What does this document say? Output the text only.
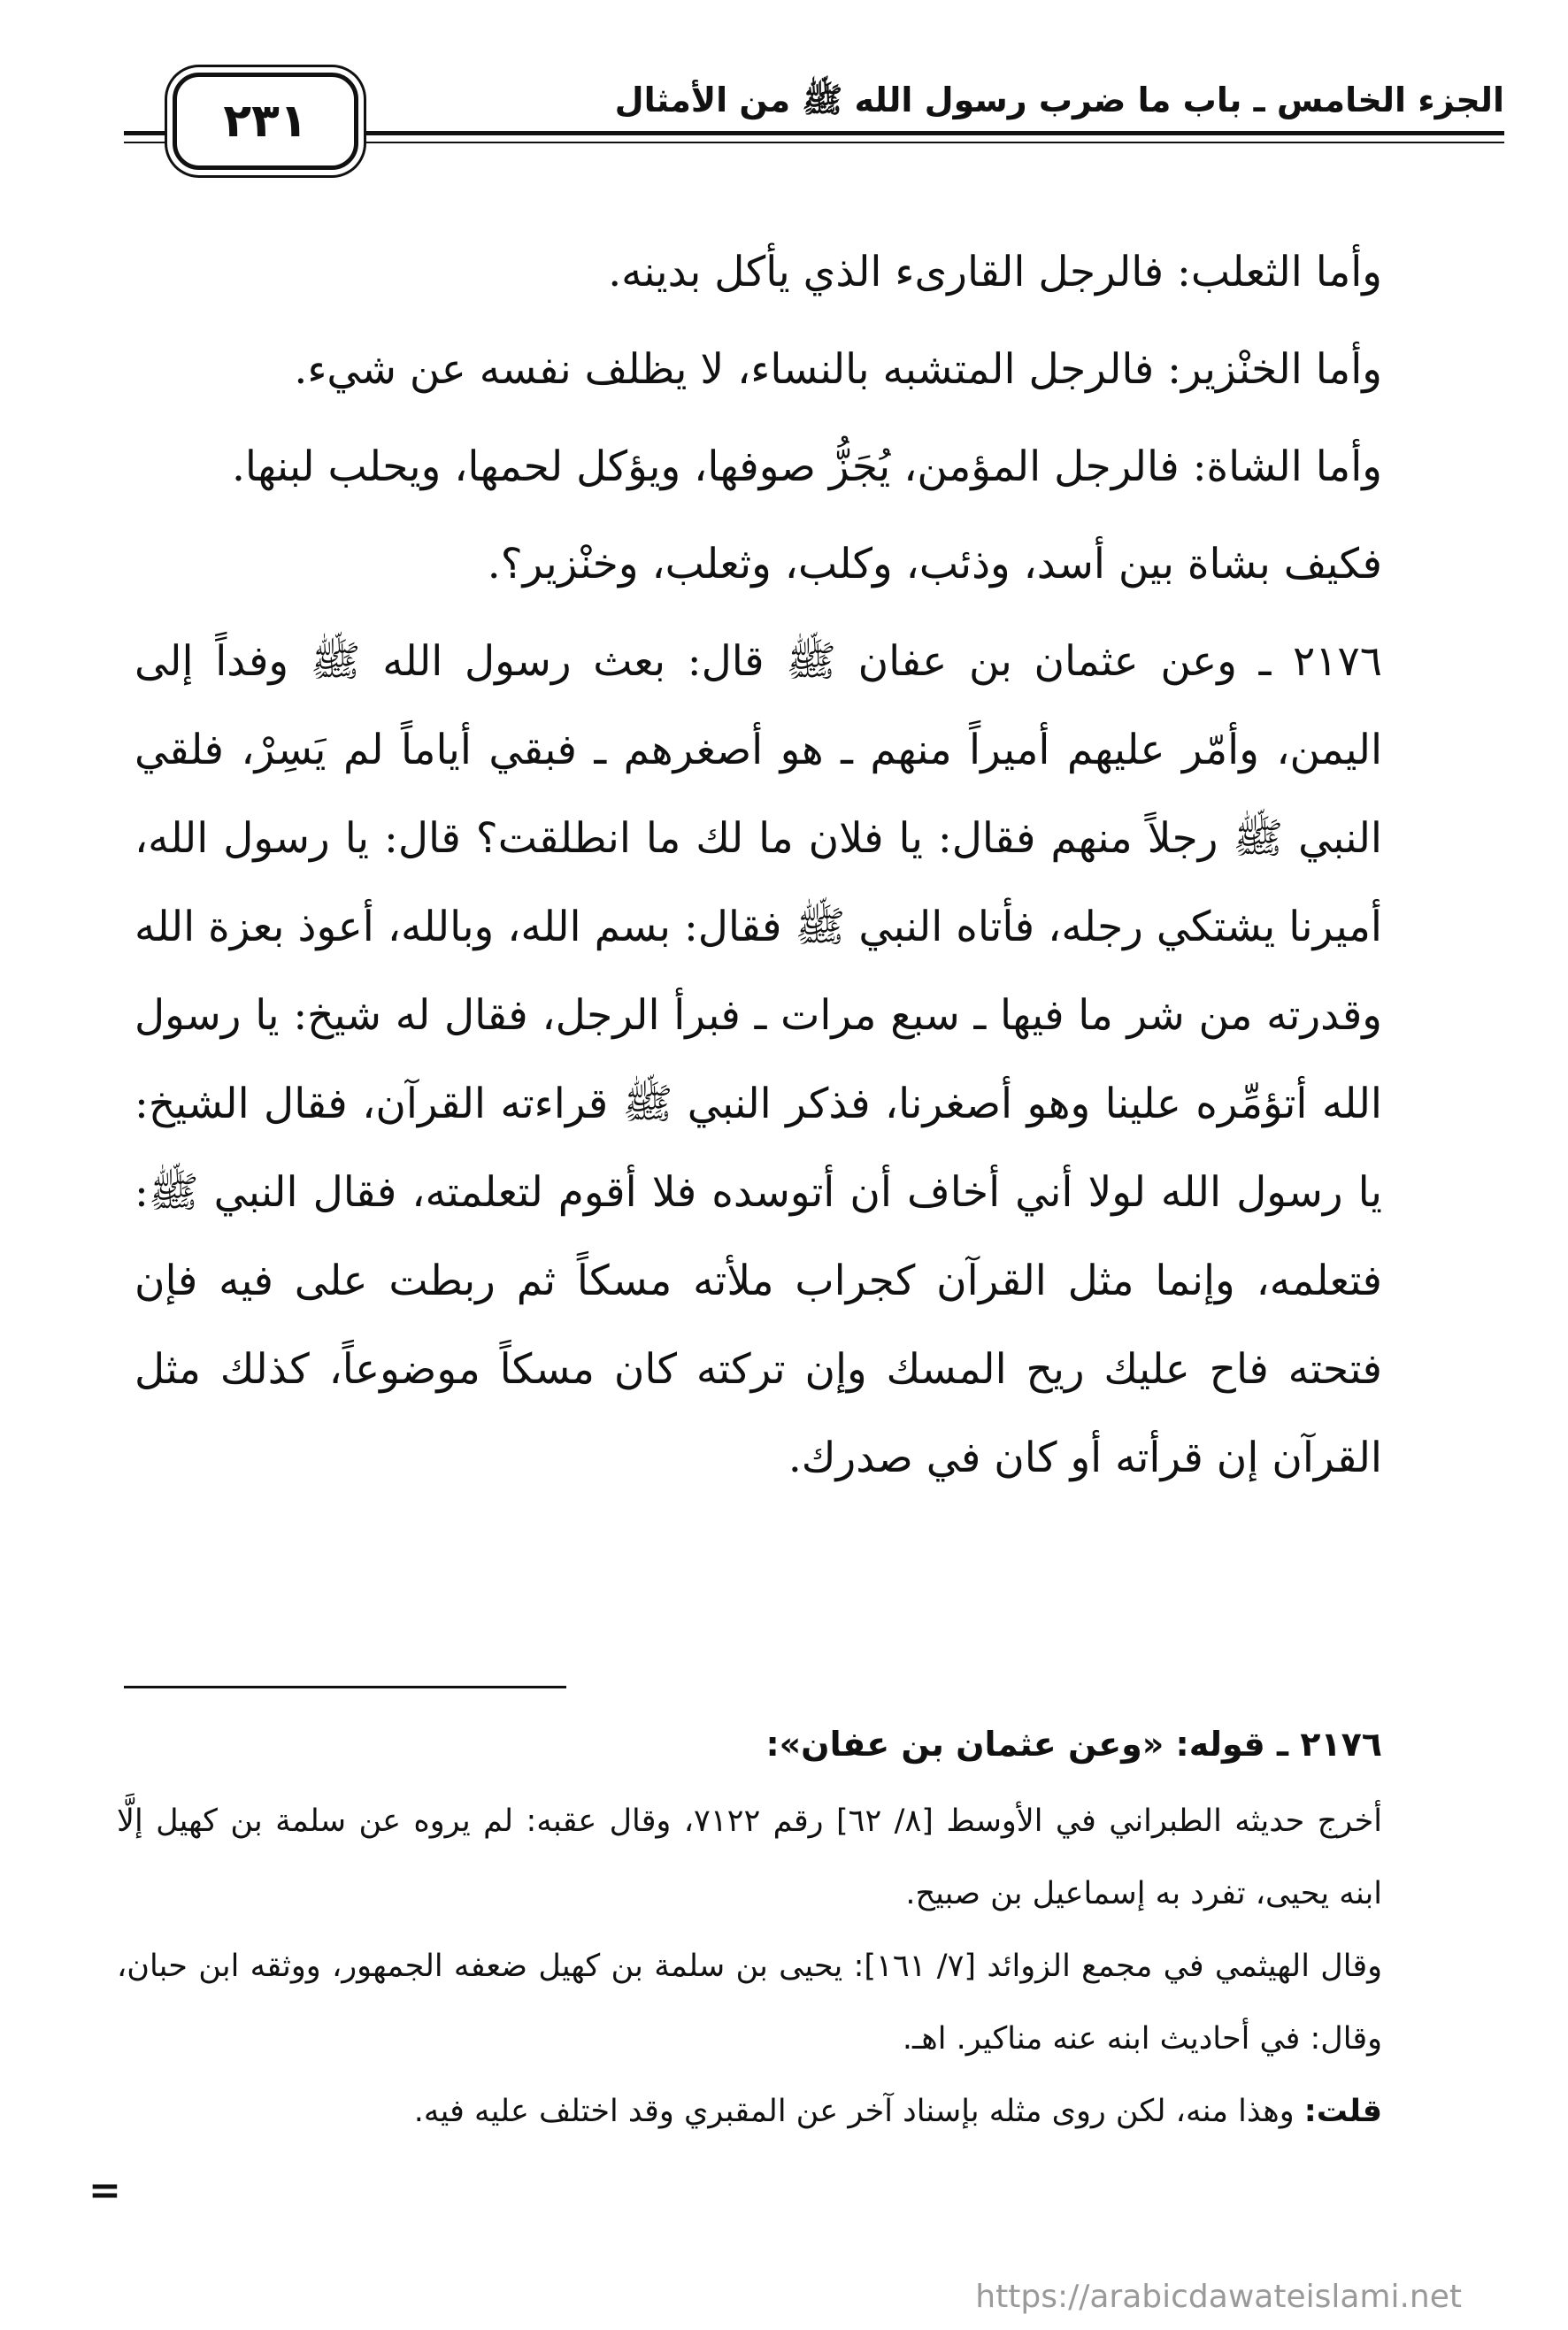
الجزء الخامس ـ باب ما ضرب رسول الله ﷺ من الأمثال
٢٣١

وأما الثعلب: فالرجل القارىء الذي يأكل بدينه.

وأما الخنْزير: فالرجل المتشبه بالنساء، لا يظلف نفسه عن شيء.

وأما الشاة: فالرجل المؤمن، يُجَزُّ صوفها، ويؤكل لحمها، ويحلب لبنها.

فكيف بشاة بين أسد، وذئب، وكلب، وثعلب، وخنْزير؟.

٢١٧٦ ـ وعن عثمان بن عفان ﷺ قال: بعث رسول الله ﷺ وفداً إلى اليمن، وأمّر عليهم أميراً منهم ـ هو أصغرهم ـ فبقي أياماً لم يَسِرْ، فلقي النبي ﷺ رجلاً منهم فقال: يا فلان ما لك ما انطلقت؟ قال: يا رسول الله، أميرنا يشتكي رجله، فأتاه النبي ﷺ فقال: بسم الله، وبالله، أعوذ بعزة الله وقدرته من شر ما فيها ـ سبع مرات ـ فبرأ الرجل، فقال له شيخ: يا رسول الله أتؤمِّره علينا وهو أصغرنا، فذكر النبي ﷺ قراءته القرآن، فقال الشيخ: يا رسول الله لولا أني أخاف أن أتوسده فلا أقوم لتعلمته، فقال النبي ﷺ: فتعلمه، وإنما مثل القرآن كجراب ملأته مسكاً ثم ربطت على فيه فإن فتحته فاح عليك ريح المسك وإن تركته كان مسكاً موضوعاً، كذلك مثل القرآن إن قرأته أو كان في صدرك.

٢١٧٦ ـ قوله: «وعن عثمان بن عفان»:

أخرج حديثه الطبراني في الأوسط [٨/ ٦٢] رقم ٧١٢٢، وقال عقبه: لم يروه عن سلمة بن كهيل إلَّا ابنه يحيى، تفرد به إسماعيل بن صبيح.

وقال الهيثمي في مجمع الزوائد [٧/ ١٦١]: يحيى بن سلمة بن كهيل ضعفه الجمهور، ووثقه ابن حبان، وقال: في أحاديث ابنه عنه مناكير. اهـ.

قلت: وهذا منه، لكن روى مثله بإسناد آخر عن المقبري وقد اختلف عليه فيه.

=
https://arabicdawateislami.net
